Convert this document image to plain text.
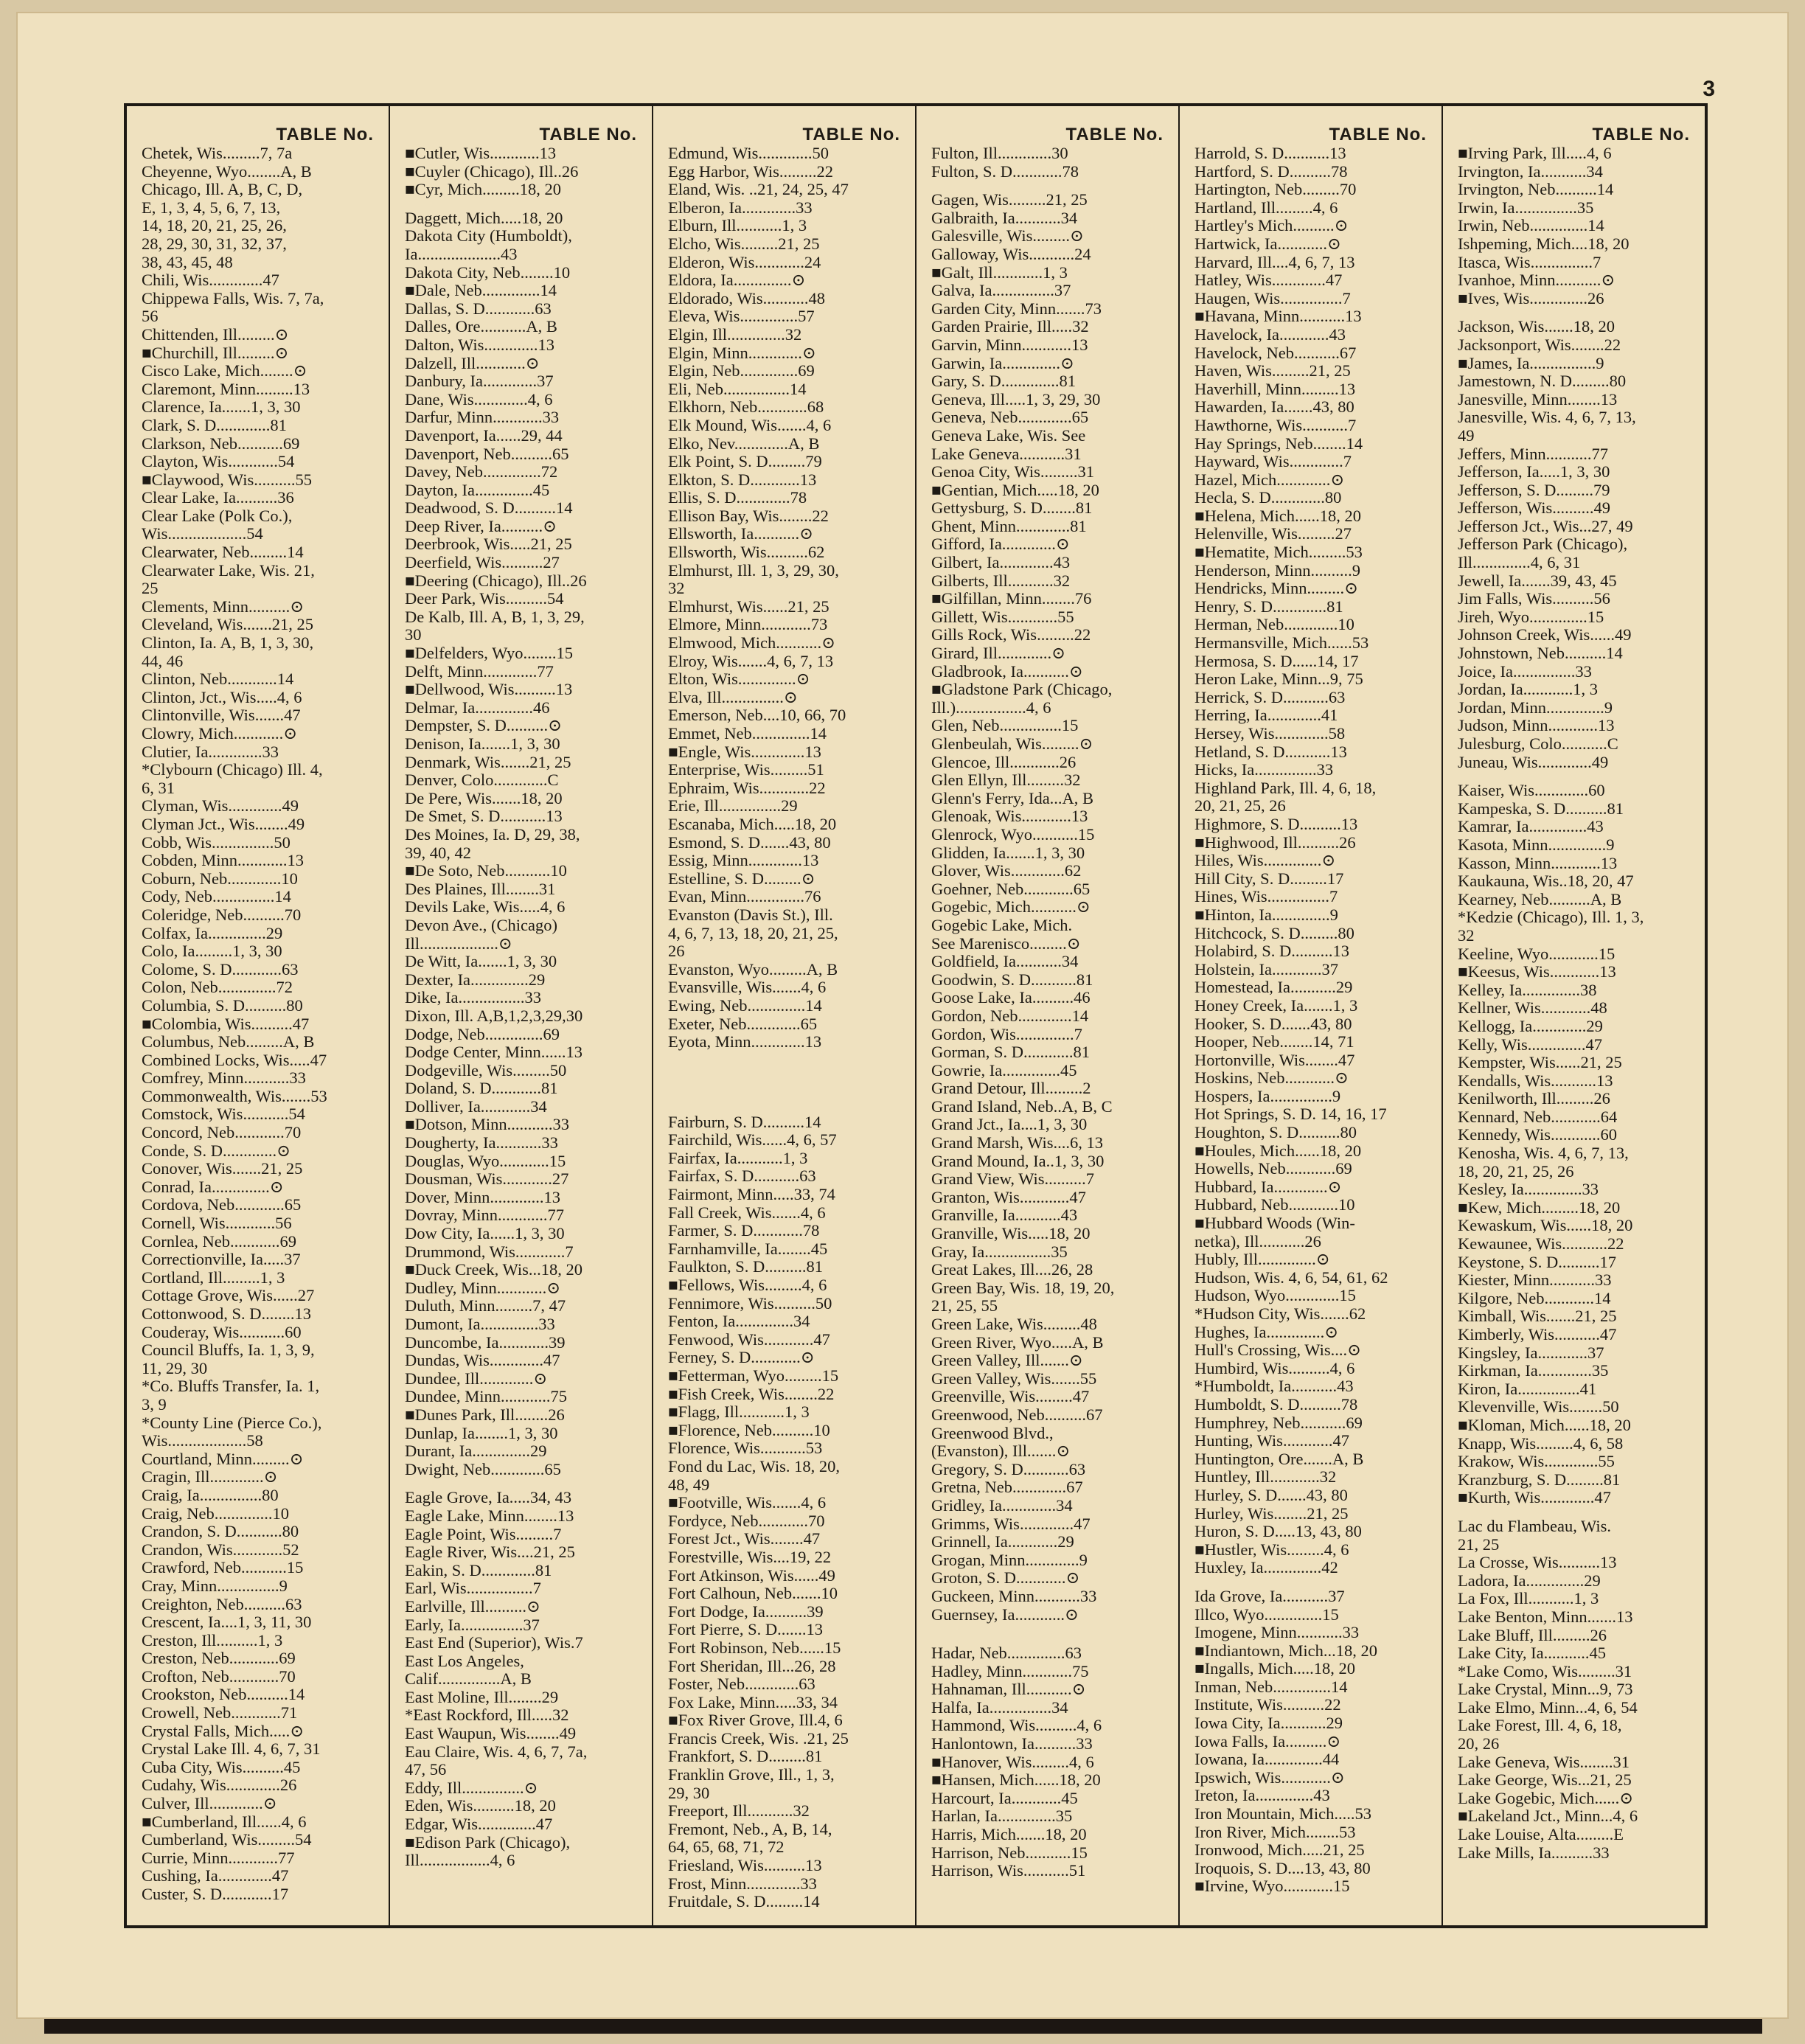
3
TABLE No.
Chetek, Wis.........7, 7a
Cheyenne, Wyo........A, B
Chicago, Ill. A, B, C, D,
E, 1, 3, 4, 5, 6, 7, 13,
14, 18, 20, 21, 25, 26,
28, 29, 30, 31, 32, 37,
38, 43, 45, 48
Chili, Wis.............47
Chippewa Falls, Wis. 7, 7a,
56
Chittenden, Ill.........⊙
■Churchill, Ill.........⊙
Cisco Lake, Mich........⊙
Claremont, Minn.........13
Clarence, Ia.......1, 3, 30
Clark, S. D.............81
Clarkson, Neb...........69
Clayton, Wis............54
■Claywood, Wis..........55
Clear Lake, Ia..........36
Clear Lake (Polk Co.),
Wis...................54
Clearwater, Neb.........14
Clearwater Lake, Wis. 21,
25
Clements, Minn..........⊙
Cleveland, Wis.......21, 25
Clinton, Ia. A, B, 1, 3, 30,
44, 46
Clinton, Neb............14
Clinton, Jct., Wis.....4, 6
Clintonville, Wis.......47
Clowry, Mich............⊙
Clutier, Ia.............33
*Clybourn (Chicago) Ill. 4,
6, 31
Clyman, Wis.............49
Clyman Jct., Wis........49
Cobb, Wis...............50
Cobden, Minn............13
Coburn, Neb.............10
Cody, Neb...............14
Coleridge, Neb..........70
Colfax, Ia..............29
Colo, Ia.........1, 3, 30
Colome, S. D............63
Colon, Neb..............72
Columbia, S. D..........80
■Colombia, Wis..........47
Columbus, Neb.........A, B
Combined Locks, Wis.....47
Comfrey, Minn...........33
Commonwealth, Wis.......53
Comstock, Wis...........54
Concord, Neb............70
Conde, S. D.............⊙
Conover, Wis.......21, 25
Conrad, Ia..............⊙
Cordova, Neb............65
Cornell, Wis............56
Cornlea, Neb............69
Correctionville, Ia.....37
Cortland, Ill.........1, 3
Cottage Grove, Wis......27
Cottonwood, S. D........13
Couderay, Wis...........60
Council Bluffs, Ia. 1, 3, 9,
11, 29, 30
*Co. Bluffs Transfer, Ia. 1,
3, 9
*County Line (Pierce Co.),
Wis...................58
Courtland, Minn.........⊙
Cragin, Ill.............⊙
Craig, Ia...............80
Craig, Neb..............10
Crandon, S. D...........80
Crandon, Wis............52
Crawford, Neb...........15
Cray, Minn...............9
Creighton, Neb..........63
Crescent, Ia....1, 3, 11, 30
Creston, Ill..........1, 3
Creston, Neb............69
Crofton, Neb............70
Crookston, Neb..........14
Crowell, Neb............71
Crystal Falls, Mich.....⊙
Crystal Lake Ill. 4, 6, 7, 31
Cuba City, Wis..........45
Cudahy, Wis.............26
Culver, Ill.............⊙
■Cumberland, Ill......4, 6
Cumberland, Wis.........54
Currie, Minn............77
Cushing, Ia.............47
Custer, S. D............17
TABLE No.
■Cutler, Wis............13
■Cuyler (Chicago), Ill..26
■Cyr, Mich.........18, 20
Daggett, Mich.....18, 20
Dakota City (Humboldt),
Ia....................43
Dakota City, Neb........10
■Dale, Neb..............14
Dallas, S. D............63
Dalles, Ore...........A, B
Dalton, Wis.............13
Dalzell, Ill............⊙
Danbury, Ia.............37
Dane, Wis.............4, 6
Darfur, Minn............33
Davenport, Ia......29, 44
Davenport, Neb..........65
Davey, Neb..............72
Dayton, Ia..............45
Deadwood, S. D..........14
Deep River, Ia..........⊙
Deerbrook, Wis.....21, 25
Deerfield, Wis..........27
■Deering (Chicago), Ill..26
Deer Park, Wis..........54
De Kalb, Ill. A, B, 1, 3, 29,
30
■Delfelders, Wyo........15
Delft, Minn.............77
■Dellwood, Wis..........13
Delmar, Ia..............46
Dempster, S. D..........⊙
Denison, Ia.......1, 3, 30
Denmark, Wis.......21, 25
Denver, Colo.............C
De Pere, Wis.......18, 20
De Smet, S. D...........13
Des Moines, Ia. D, 29, 38,
39, 40, 42
■De Soto, Neb...........10
Des Plaines, Ill........31
Devils Lake, Wis.....4, 6
Devon Ave., (Chicago)
Ill...................⊙
De Witt, Ia.......1, 3, 30
Dexter, Ia..............29
Dike, Ia................33
Dixon, Ill. A,B,1,2,3,29,30
Dodge, Neb..............69
Dodge Center, Minn......13
Dodgeville, Wis.........50
Doland, S. D............81
Dolliver, Ia............34
■Dotson, Minn...........33
Dougherty, Ia...........33
Douglas, Wyo............15
Dousman, Wis............27
Dover, Minn.............13
Dovray, Minn............77
Dow City, Ia......1, 3, 30
Drummond, Wis............7
■Duck Creek, Wis...18, 20
Dudley, Minn............⊙
Duluth, Minn.........7, 47
Dumont, Ia..............33
Duncombe, Ia............39
Dundas, Wis.............47
Dundee, Ill.............⊙
Dundee, Minn............75
■Dunes Park, Ill........26
Dunlap, Ia........1, 3, 30
Durant, Ia..............29
Dwight, Neb.............65
Eagle Grove, Ia.....34, 43
Eagle Lake, Minn........13
Eagle Point, Wis.........7
Eagle River, Wis....21, 25
Eakin, S. D.............81
Earl, Wis................7
Earlville, Ill..........⊙
Early, Ia...............37
East End (Superior), Wis.7
East Los Angeles,
Calif...............A, B
East Moline, Ill........29
*East Rockford, Ill.....32
East Waupun, Wis........49
Eau Claire, Wis. 4, 6, 7, 7a,
47, 56
Eddy, Ill...............⊙
Eden, Wis..........18, 20
Edgar, Wis..............47
■Edison Park (Chicago),
Ill.................4, 6
TABLE No.
Edmund, Wis.............50
Egg Harbor, Wis.........22
Eland, Wis. ..21, 24, 25, 47
Elberon, Ia.............33
Elburn, Ill...........1, 3
Elcho, Wis.........21, 25
Elderon, Wis............24
Eldora, Ia..............⊙
Eldorado, Wis...........48
Eleva, Wis..............57
Elgin, Ill..............32
Elgin, Minn.............⊙
Elgin, Neb..............69
Eli, Neb................14
Elkhorn, Neb............68
Elk Mound, Wis.......4, 6
Elko, Nev.............A, B
Elk Point, S. D.........79
Elkton, S. D............13
Ellis, S. D.............78
Ellison Bay, Wis........22
Ellsworth, Ia...........⊙
Ellsworth, Wis..........62
Elmhurst, Ill. 1, 3, 29, 30,
32
Elmhurst, Wis......21, 25
Elmore, Minn............73
Elmwood, Mich...........⊙
Elroy, Wis.......4, 6, 7, 13
Elton, Wis..............⊙
Elva, Ill...............⊙
Emerson, Neb....10, 66, 70
Emmet, Neb..............14
■Engle, Wis.............13
Enterprise, Wis.........51
Ephraim, Wis............22
Erie, Ill...............29
Escanaba, Mich.....18, 20
Esmond, S. D.......43, 80
Essig, Minn.............13
Estelline, S. D.........⊙
Evan, Minn..............76
Evanston (Davis St.), Ill.
4, 6, 7, 13, 18, 20, 21, 25,
26
Evanston, Wyo.........A, B
Evansville, Wis.......4, 6
Ewing, Neb..............14
Exeter, Neb.............65
Eyota, Minn.............13
Fairburn, S. D..........14
Fairchild, Wis......4, 6, 57
Fairfax, Ia...........1, 3
Fairfax, S. D...........63
Fairmont, Minn.....33, 74
Fall Creek, Wis.......4, 6
Farmer, S. D............78
Farnhamville, Ia........45
Faulkton, S. D..........81
■Fellows, Wis.........4, 6
Fennimore, Wis..........50
Fenton, Ia..............34
Fenwood, Wis............47
Ferney, S. D............⊙
■Fetterman, Wyo.........15
■Fish Creek, Wis........22
■Flagg, Ill...........1, 3
■Florence, Neb..........10
Florence, Wis...........53
Fond du Lac, Wis. 18, 20,
48, 49
■Footville, Wis.......4, 6
Fordyce, Neb............70
Forest Jct., Wis........47
Forestville, Wis....19, 22
Fort Atkinson, Wis......49
Fort Calhoun, Neb.......10
Fort Dodge, Ia..........39
Fort Pierre, S. D.......13
Fort Robinson, Neb......15
Fort Sheridan, Ill...26, 28
Foster, Neb.............63
Fox Lake, Minn.....33, 34
■Fox River Grove, Ill.4, 6
Francis Creek, Wis. .21, 25
Frankfort, S. D.........81
Franklin Grove, Ill., 1, 3,
29, 30
Freeport, Ill...........32
Fremont, Neb., A, B, 14,
64, 65, 68, 71, 72
Friesland, Wis..........13
Frost, Minn.............33
Fruitdale, S. D.........14
TABLE No.
Fulton, Ill.............30
Fulton, S. D............78
Gagen, Wis.........21, 25
Galbraith, Ia...........34
Galesville, Wis.........⊙
Galloway, Wis...........24
■Galt, Ill............1, 3
Galva, Ia...............37
Garden City, Minn.......73
Garden Prairie, Ill.....32
Garvin, Minn............13
Garwin, Ia..............⊙
Gary, S. D..............81
Geneva, Ill.....1, 3, 29, 30
Geneva, Neb.............65
Geneva Lake, Wis. See
Lake Geneva...........31
Genoa City, Wis.........31
■Gentian, Mich.....18, 20
Gettysburg, S. D........81
Ghent, Minn.............81
Gifford, Ia.............⊙
Gilbert, Ia.............43
Gilberts, Ill...........32
■Gilfillan, Minn........76
Gillett, Wis............55
Gills Rock, Wis.........22
Girard, Ill.............⊙
Gladbrook, Ia...........⊙
■Gladstone Park (Chicago,
Ill.).................4, 6
Glen, Neb...............15
Glenbeulah, Wis.........⊙
Glencoe, Ill............26
Glen Ellyn, Ill.........32
Glenn's Ferry, Ida...A, B
Glenoak, Wis............13
Glenrock, Wyo...........15
Glidden, Ia.......1, 3, 30
Glover, Wis.............62
Goehner, Neb............65
Gogebic, Mich...........⊙
Gogebic Lake, Mich.
See Marenisco.........⊙
Goldfield, Ia...........34
Goodwin, S. D...........81
Goose Lake, Ia..........46
Gordon, Neb.............14
Gordon, Wis..............7
Gorman, S. D............81
Gowrie, Ia..............45
Grand Detour, Ill.........2
Grand Island, Neb..A, B, C
Grand Jct., Ia....1, 3, 30
Grand Marsh, Wis....6, 13
Grand Mound, Ia..1, 3, 30
Grand View, Wis..........7
Granton, Wis............47
Granville, Ia...........43
Granville, Wis.....18, 20
Gray, Ia................35
Great Lakes, Ill....26, 28
Green Bay, Wis. 18, 19, 20,
21, 25, 55
Green Lake, Wis.........48
Green River, Wyo.....A, B
Green Valley, Ill.......⊙
Green Valley, Wis.......55
Greenville, Wis.........47
Greenwood, Neb..........67
Greenwood Blvd.,
(Evanston), Ill.......⊙
Gregory, S. D...........63
Gretna, Neb.............67
Gridley, Ia.............34
Grimms, Wis.............47
Grinnell, Ia............29
Grogan, Minn.............9
Groton, S. D............⊙
Guckeen, Minn...........33
Guernsey, Ia............⊙
Hadar, Neb..............63
Hadley, Minn............75
Hahnaman, Ill...........⊙
Halfa, Ia...............34
Hammond, Wis..........4, 6
Hanlontown, Ia..........33
■Hanover, Wis.........4, 6
■Hansen, Mich......18, 20
Harcourt, Ia............45
Harlan, Ia..............35
Harris, Mich.......18, 20
Harrison, Neb...........15
Harrison, Wis...........51
TABLE No.
Harrold, S. D...........13
Hartford, S. D..........78
Hartington, Neb.........70
Hartland, Ill.........4, 6
Hartley's Mich..........⊙
Hartwick, Ia............⊙
Harvard, Ill....4, 6, 7, 13
Hatley, Wis.............47
Haugen, Wis...............7
■Havana, Minn...........13
Havelock, Ia............43
Havelock, Neb...........67
Haven, Wis.........21, 25
Haverhill, Minn.........13
Hawarden, Ia.......43, 80
Hawthorne, Wis...........7
Hay Springs, Neb........14
Hayward, Wis.............7
Hazel, Mich.............⊙
Hecla, S. D.............80
■Helena, Mich......18, 20
Helenville, Wis.........27
■Hematite, Mich.........53
Henderson, Minn..........9
Hendricks, Minn.........⊙
Henry, S. D.............81
Herman, Neb.............10
Hermansville, Mich......53
Hermosa, S. D......14, 17
Heron Lake, Minn...9, 75
Herrick, S. D...........63
Herring, Ia.............41
Hersey, Wis.............58
Hetland, S. D...........13
Hicks, Ia...............33
Highland Park, Ill. 4, 6, 18,
20, 21, 25, 26
Highmore, S. D..........13
■Highwood, Ill..........26
Hiles, Wis..............⊙
Hill City, S. D.........17
Hines, Wis...............7
■Hinton, Ia..............9
Hitchcock, S. D.........80
Holabird, S. D..........13
Holstein, Ia............37
Homestead, Ia...........29
Honey Creek, Ia.......1, 3
Hooker, S. D.......43, 80
Hooper, Neb........14, 71
Hortonville, Wis........47
Hoskins, Neb............⊙
Hospers, Ia...............9
Hot Springs, S. D. 14, 16, 17
Houghton, S. D..........80
■Houles, Mich......18, 20
Howells, Neb............69
Hubbard, Ia.............⊙
Hubbard, Neb............10
■Hubbard Woods (Win-
netka), Ill...........26
Hubly, Ill..............⊙
Hudson, Wis. 4, 6, 54, 61, 62
Hudson, Wyo.............15
*Hudson City, Wis.......62
Hughes, Ia..............⊙
Hull's Crossing, Wis....⊙
Humbird, Wis..........4, 6
*Humboldt, Ia...........43
Humboldt, S. D..........78
Humphrey, Neb...........69
Hunting, Wis............47
Huntington, Ore.......A, B
Huntley, Ill............32
Hurley, S. D.......43, 80
Hurley, Wis........21, 25
Huron, S. D.....13, 43, 80
■Hustler, Wis.........4, 6
Huxley, Ia..............42
Ida Grove, Ia...........37
Illco, Wyo..............15
Imogene, Minn...........33
■Indiantown, Mich...18, 20
■Ingalls, Mich.....18, 20
Inman, Neb..............14
Institute, Wis..........22
Iowa City, Ia...........29
Iowa Falls, Ia..........⊙
Iowana, Ia..............44
Ipswich, Wis............⊙
Ireton, Ia..............43
Iron Mountain, Mich.....53
Iron River, Mich........53
Ironwood, Mich.....21, 25
Iroquois, S. D....13, 43, 80
■Irvine, Wyo............15
TABLE No.
■Irving Park, Ill.....4, 6
Irvington, Ia...........34
Irvington, Neb..........14
Irwin, Ia...............35
Irwin, Neb..............14
Ishpeming, Mich....18, 20
Itasca, Wis...............7
Ivanhoe, Minn...........⊙
■Ives, Wis..............26
Jackson, Wis.......18, 20
Jacksonport, Wis........22
■James, Ia................9
Jamestown, N. D.........80
Janesville, Minn........13
Janesville, Wis. 4, 6, 7, 13,
49
Jeffers, Minn...........77
Jefferson, Ia.....1, 3, 30
Jefferson, S. D.........79
Jefferson, Wis..........49
Jefferson Jct., Wis...27, 49
Jefferson Park (Chicago),
Ill..............4, 6, 31
Jewell, Ia.......39, 43, 45
Jim Falls, Wis..........56
Jireh, Wyo..............15
Johnson Creek, Wis......49
Johnstown, Neb..........14
Joice, Ia...............33
Jordan, Ia............1, 3
Jordan, Minn..............9
Judson, Minn............13
Julesburg, Colo...........C
Juneau, Wis.............49
Kaiser, Wis.............60
Kampeska, S. D..........81
Kamrar, Ia..............43
Kasota, Minn..............9
Kasson, Minn............13
Kaukauna, Wis..18, 20, 47
Kearney, Neb..........A, B
*Kedzie (Chicago), Ill. 1, 3,
32
Keeline, Wyo............15
■Keesus, Wis............13
Kelley, Ia..............38
Kellner, Wis............48
Kellogg, Ia.............29
Kelly, Wis..............47
Kempster, Wis......21, 25
Kendalls, Wis...........13
Kenilworth, Ill.........26
Kennard, Neb............64
Kennedy, Wis............60
Kenosha, Wis. 4, 6, 7, 13,
18, 20, 21, 25, 26
Kesley, Ia..............33
■Kew, Mich.........18, 20
Kewaskum, Wis......18, 20
Kewaunee, Wis...........22
Keystone, S. D..........17
Kiester, Minn...........33
Kilgore, Neb............14
Kimball, Wis.......21, 25
Kimberly, Wis...........47
Kingsley, Ia............37
Kirkman, Ia.............35
Kiron, Ia...............41
Klevenville, Wis........50
■Kloman, Mich......18, 20
Knapp, Wis.........4, 6, 58
Krakow, Wis.............55
Kranzburg, S. D.........81
■Kurth, Wis.............47
Lac du Flambeau, Wis.
21, 25
La Crosse, Wis..........13
Ladora, Ia..............29
La Fox, Ill...........1, 3
Lake Benton, Minn.......13
Lake Bluff, Ill.........26
Lake City, Ia...........45
*Lake Como, Wis.........31
Lake Crystal, Minn...9, 73
Lake Elmo, Minn...4, 6, 54
Lake Forest, Ill. 4, 6, 18,
20, 26
Lake Geneva, Wis........31
Lake George, Wis...21, 25
Lake Gogebic, Mich......⊙
■Lakeland Jct., Minn...4, 6
Lake Louise, Alta.........E
Lake Mills, Ia..........33
